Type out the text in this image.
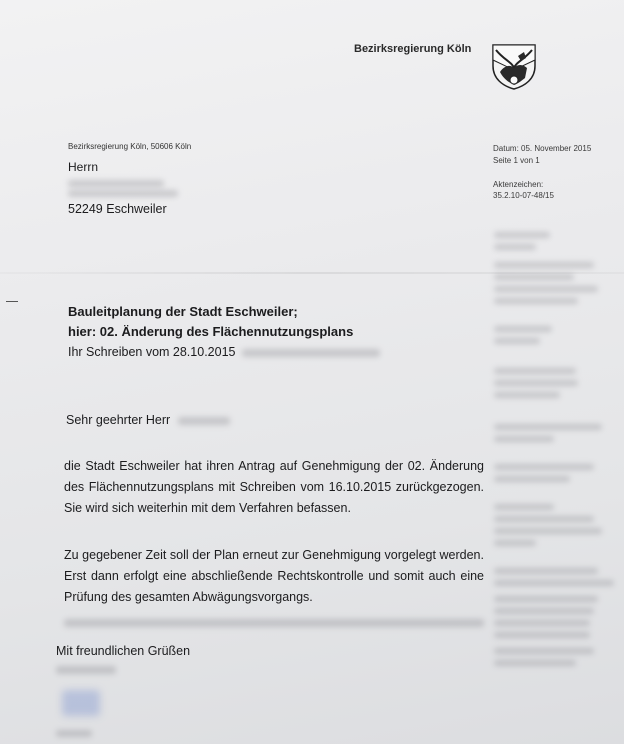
Bezirksregierung Köln
Bezirksregierung Köln, 50606 Köln
Herrn
52249 Eschweiler
Datum: 05. November 2015
Seite 1 von 1
Aktenzeichen:
35.2.10-07-48/15
Bauleitplanung der Stadt Eschweiler;
hier: 02. Änderung des Flächennutzungsplans
Ihr Schreiben vom 28.10.2015
Sehr geehrter Herr
die Stadt Eschweiler hat ihren Antrag auf Genehmigung der 02. Änderung des Flächennutzungsplans mit Schreiben vom 16.10.2015 zurückgezogen. Sie wird sich weiterhin mit dem Verfahren befassen.
Zu gegebener Zeit soll der Plan erneut zur Genehmigung vorgelegt werden. Erst dann erfolgt eine abschließende Rechtskontrolle und somit auch eine Prüfung des gesamten Abwägungsvorgangs.
Mit freundlichen Grüßen
